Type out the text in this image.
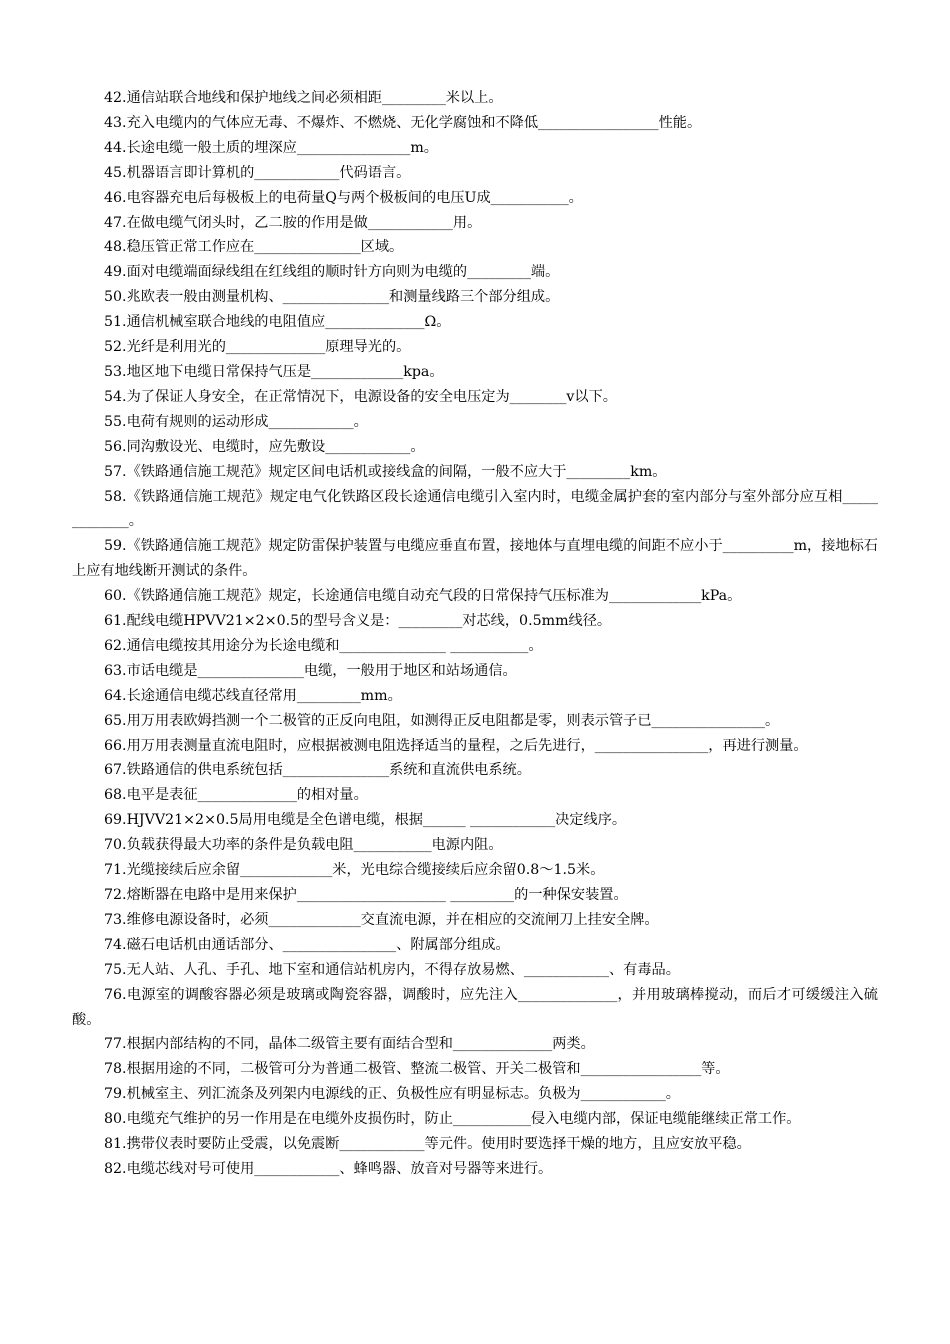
42.通信站联合地线和保护地线之间必须相距_________米以上。

43.充入电缆内的气体应无毒、不爆炸、不燃烧、无化学腐蚀和不降低_________________性能。

44.长途电缆一般土质的埋深应________________m。

45.机器语言即计算机的____________代码语言。

46.电容器充电后每极板上的电荷量Q与两个极板间的电压U成___________。

47.在做电缆气闭头时，乙二胺的作用是做____________用。

48.稳压管正常工作应在_______________区域。

49.面对电缆端面绿线组在红线组的顺时针方向则为电缆的_________端。

50.兆欧表一般由测量机构、_______________和测量线路三个部分组成。

51.通信机械室联合地线的电阻值应______________Ω。

52.光纤是利用光的______________原理导光的。

53.地区地下电缆日常保持气压是_____________kpa。

54.为了保证人身安全，在正常情况下，电源设备的安全电压定为________v以下。

55.电荷有规则的运动形成____________。

56.同沟敷设光、电缆时，应先敷设____________。

57.《铁路通信施工规范》规定区间电话机或接线盒的间隔，一般不应大于_________km。

58.《铁路通信施工规范》规定电气化铁路区段长途通信电缆引入室内时，电缆金属护套的室内部分与室外部分应互相_____________。

59.《铁路通信施工规范》规定防雷保护装置与电缆应垂直布置，接地体与直埋电缆的间距不应小于__________m，接地标石上应有地线断开测试的条件。

60.《铁路通信施工规范》规定，长途通信电缆自动充气段的日常保持气压标准为_____________kPa。

61.配线电缆HPVV21×2×0.5的型号含义是：_________对芯线，0.5mm线径。

62.通信电缆按其用途分为长途电缆和_______________ ___________。

63.市话电缆是_______________电缆，一般用于地区和站场通信。

64.长途通信电缆芯线直径常用_________mm。

65.用万用表欧姆挡测一个二极管的正反向电阻，如测得正反电阻都是零，则表示管子已________________。

66.用万用表测量直流电阻时，应根据被测电阻选择适当的量程，之后先进行，________________，再进行测量。

67.铁路通信的供电系统包括_______________系统和直流供电系统。

68.电平是表征______________的相对量。

69.HJVV21×2×0.5局用电缆是全色谱电缆，根据______ ____________决定线序。

70.负载获得最大功率的条件是负载电阻___________电源内阻。

71.光缆接续后应余留_____________米，光电综合缆接续后应余留0.8～1.5米。

72.熔断器在电路中是用来保护_____________________ _________的一种保安装置。

73.维修电源设备时，必须_____________交直流电源，并在相应的交流闸刀上挂安全牌。

74.磁石电话机由通话部分、________________、附属部分组成。

75.无人站、人孔、手孔、地下室和通信站机房内，不得存放易燃、____________、有毒品。

76.电源室的调酸容器必须是玻璃或陶瓷容器，调酸时，应先注入______________，并用玻璃棒搅动，而后才可缓缓注入硫酸。

77.根据内部结构的不同，晶体二级管主要有面结合型和______________两类。

78.根据用途的不同，二极管可分为普通二极管、整流二极管、开关二极管和_________________等。

79.机械室主、列汇流条及列架内电源线的正、负极性应有明显标志。负极为____________。

80.电缆充气维护的另一作用是在电缆外皮损伤时，防止___________侵入电缆内部，保证电缆能继续正常工作。

81.携带仪表时要防止受震，以免震断____________等元件。使用时要选择干燥的地方，且应安放平稳。

82.电缆芯线对号可使用____________、蜂鸣器、放音对号器等来进行。
